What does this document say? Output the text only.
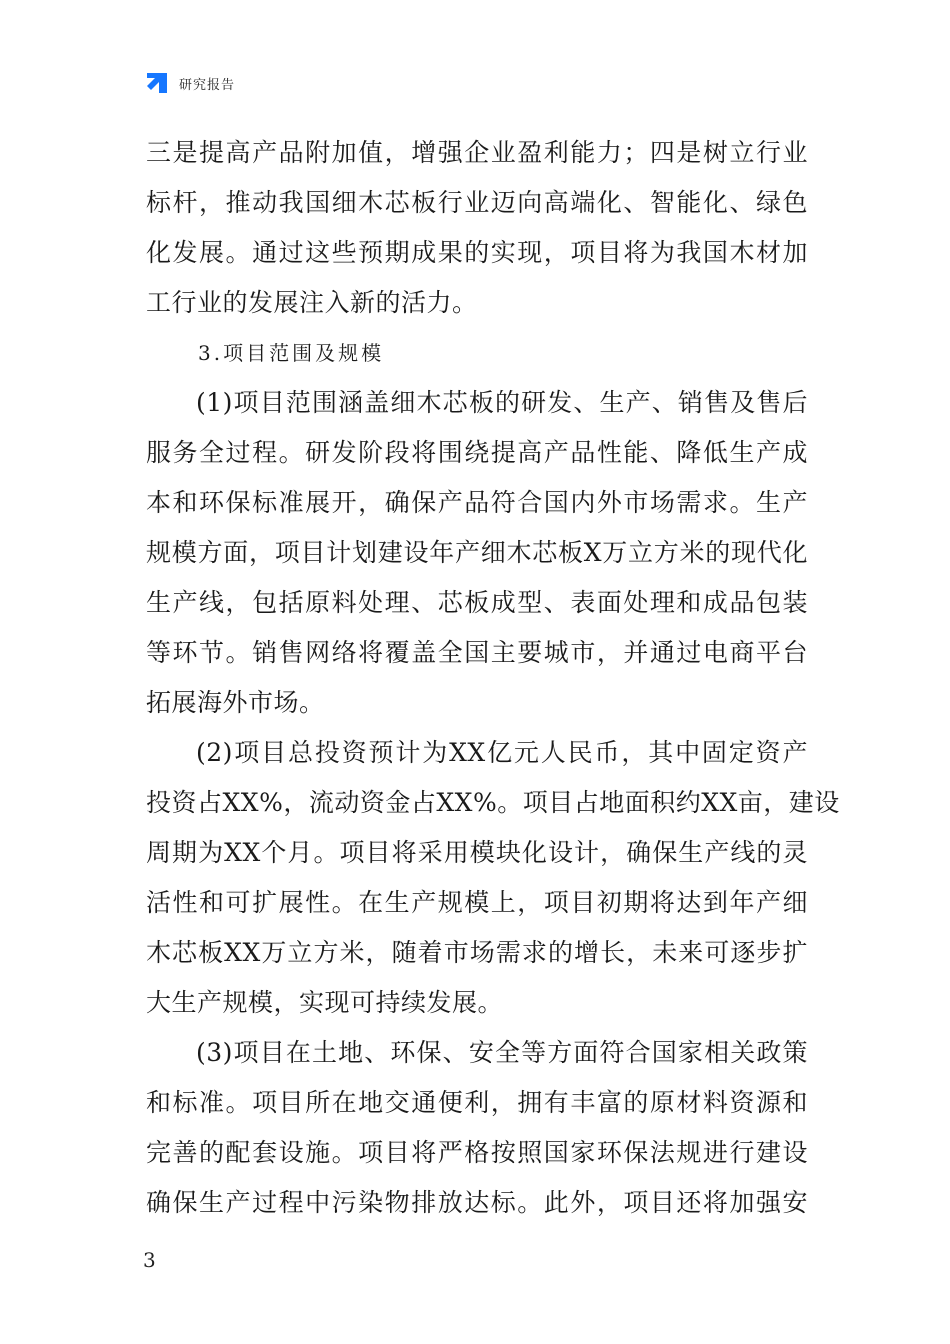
研究报告
三是提高产品附加值，增强企业盈利能力；四是树立行业
标杆，推动我国细木芯板行业迈向高端化、智能化、绿色
化发展。通过这些预期成果的实现，项目将为我国木材加
工行业的发展注入新的活力。
3.项目范围及规模
(1)项目范围涵盖细木芯板的研发、生产、销售及售后
服务全过程。研发阶段将围绕提高产品性能、降低生产成
本和环保标准展开，确保产品符合国内外市场需求。生产
规模方面，项目计划建设年产细木芯板X万立方米的现代化
生产线，包括原料处理、芯板成型、表面处理和成品包装
等环节。销售网络将覆盖全国主要城市，并通过电商平台
拓展海外市场。
(2)项目总投资预计为XX亿元人民币，其中固定资产
投资占XX%，流动资金占XX%。项目占地面积约XX亩，建设
周期为XX个月。项目将采用模块化设计，确保生产线的灵
活性和可扩展性。在生产规模上，项目初期将达到年产细
木芯板XX万立方米，随着市场需求的增长，未来可逐步扩
大生产规模，实现可持续发展。
(3)项目在土地、环保、安全等方面符合国家相关政策
和标准。项目所在地交通便利，拥有丰富的原材料资源和
完善的配套设施。项目将严格按照国家环保法规进行建设
确保生产过程中污染物排放达标。此外，项目还将加强安
3
